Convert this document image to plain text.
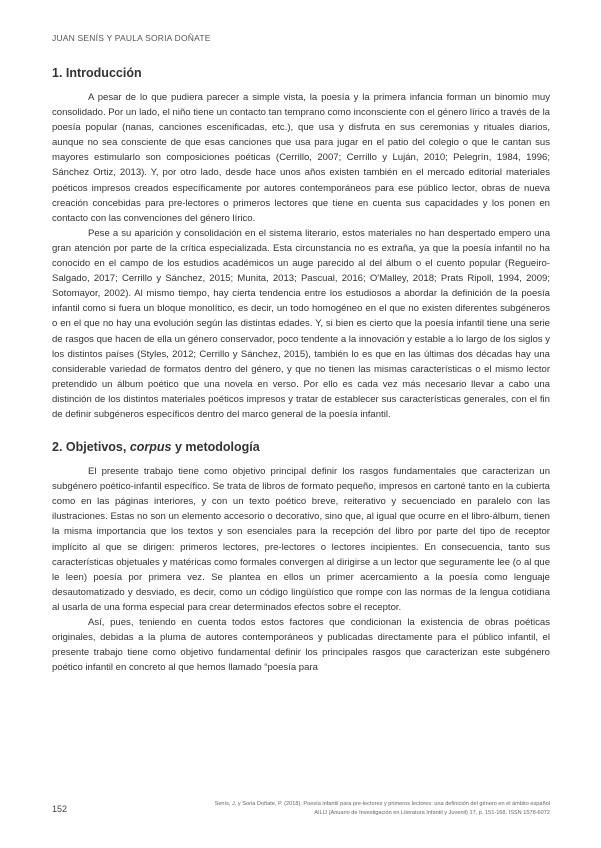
JUAN SENÍS Y PAULA SORIA DOÑATE
1. Introducción

A pesar de lo que pudiera parecer a simple vista, la poesía y la primera infancia forman un binomio muy consolidado. Por un lado, el niño tiene un contacto tan temprano como inconsciente con el género lírico a través de la poesía popular (nanas, canciones escenificadas, etc.), que usa y disfruta en sus ceremonias y rituales diarios, aunque no sea consciente de que esas canciones que usa para jugar en el patio del colegio o que le cantan sus mayores estimularlo son composiciones poéticas (Cerrillo, 2007; Cerrillo y Luján, 2010; Pelegrín, 1984, 1996; Sánchez Ortiz, 2013). Y, por otro lado, desde hace unos años existen también en el mercado editorial materiales poéticos impresos creados específicamente por autores contemporáneos para ese público lector, obras de nueva creación concebidas para pre-lectores o primeros lectores que tiene en cuenta sus capacidades y los ponen en contacto con las convenciones del género lírico.

Pese a su aparición y consolidación en el sistema literario, estos materiales no han despertado empero una gran atención por parte de la crítica especializada. Esta circunstancia no es extraña, ya que la poesía infantil no ha conocido en el campo de los estudios académicos un auge parecido al del álbum o el cuento popular (Regueiro-Salgado, 2017; Cerrillo y Sánchez, 2015; Munita, 2013; Pascual, 2016; O'Malley, 2018; Prats Ripoll, 1994, 2009; Sotomayor, 2002). Al mismo tiempo, hay cierta tendencia entre los estudiosos a abordar la definición de la poesía infantil como si fuera un bloque monolítico, es decir, un todo homogéneo en el que no existen diferentes subgéneros o en el que no hay una evolución según las distintas edades. Y, si bien es cierto que la poesía infantil tiene una serie de rasgos que hacen de ella un género conservador, poco tendente a la innovación y estable a lo largo de los siglos y los distintos países (Styles, 2012; Cerrillo y Sánchez, 2015), también lo es que en las últimas dos décadas hay una considerable variedad de formatos dentro del género, y que no tienen las mismas características o el mismo lector pretendido un álbum poético que una novela en verso. Por ello es cada vez más necesario llevar a cabo una distinción de los distintos materiales poéticos impresos y tratar de establecer sus características generales, con el fin de definir subgéneros específicos dentro del marco general de la poesía infantil.

2. Objetivos, corpus y metodología

El presente trabajo tiene como objetivo principal definir los rasgos fundamentales que caracterizan un subgénero poético-infantil específico. Se trata de libros de formato pequeño, impresos en cartoné tanto en la cubierta como en las páginas interiores, y con un texto poético breve, reiterativo y secuenciado en paralelo con las ilustraciones. Estas no son un elemento accesorio o decorativo, sino que, al igual que ocurre en el libro-álbum, tienen la misma importancia que los textos y son esenciales para la recepción del libro por parte del tipo de receptor implícito al que se dirigen: primeros lectores, pre-lectores o lectores incipientes. En consecuencia, tanto sus características objetuales y matéricas como formales convergen al dirigirse a un lector que seguramente lee (o al que le leen) poesía por primera vez. Se plantea en ellos un primer acercamiento a la poesía como lenguaje desautomatizado y desviado, es decir, como un código lingüístico que rompe con las normas de la lengua cotidiana al usarla de una forma especial para crear determinados efectos sobre el receptor.

Así, pues, teniendo en cuenta todos estos factores que condicionan la existencia de obras poéticas originales, debidas a la pluma de autores contemporáneos y publicadas directamente para el público infantil, el presente trabajo tiene como objetivo fundamental definir los principales rasgos que caracterizan este subgénero poético infantil en concreto al que hemos llamado “poesía para

152	Senís, J. y Soria Doñate, P. (2018). Poesía infantil para pre-lectores y primeros lectores: una definición del género en el ámbito español
AILIJ (Anuario de Investigación en Literatura Infantil y Juvenil) 17, p. 151-168. ISSN 1578-6072
